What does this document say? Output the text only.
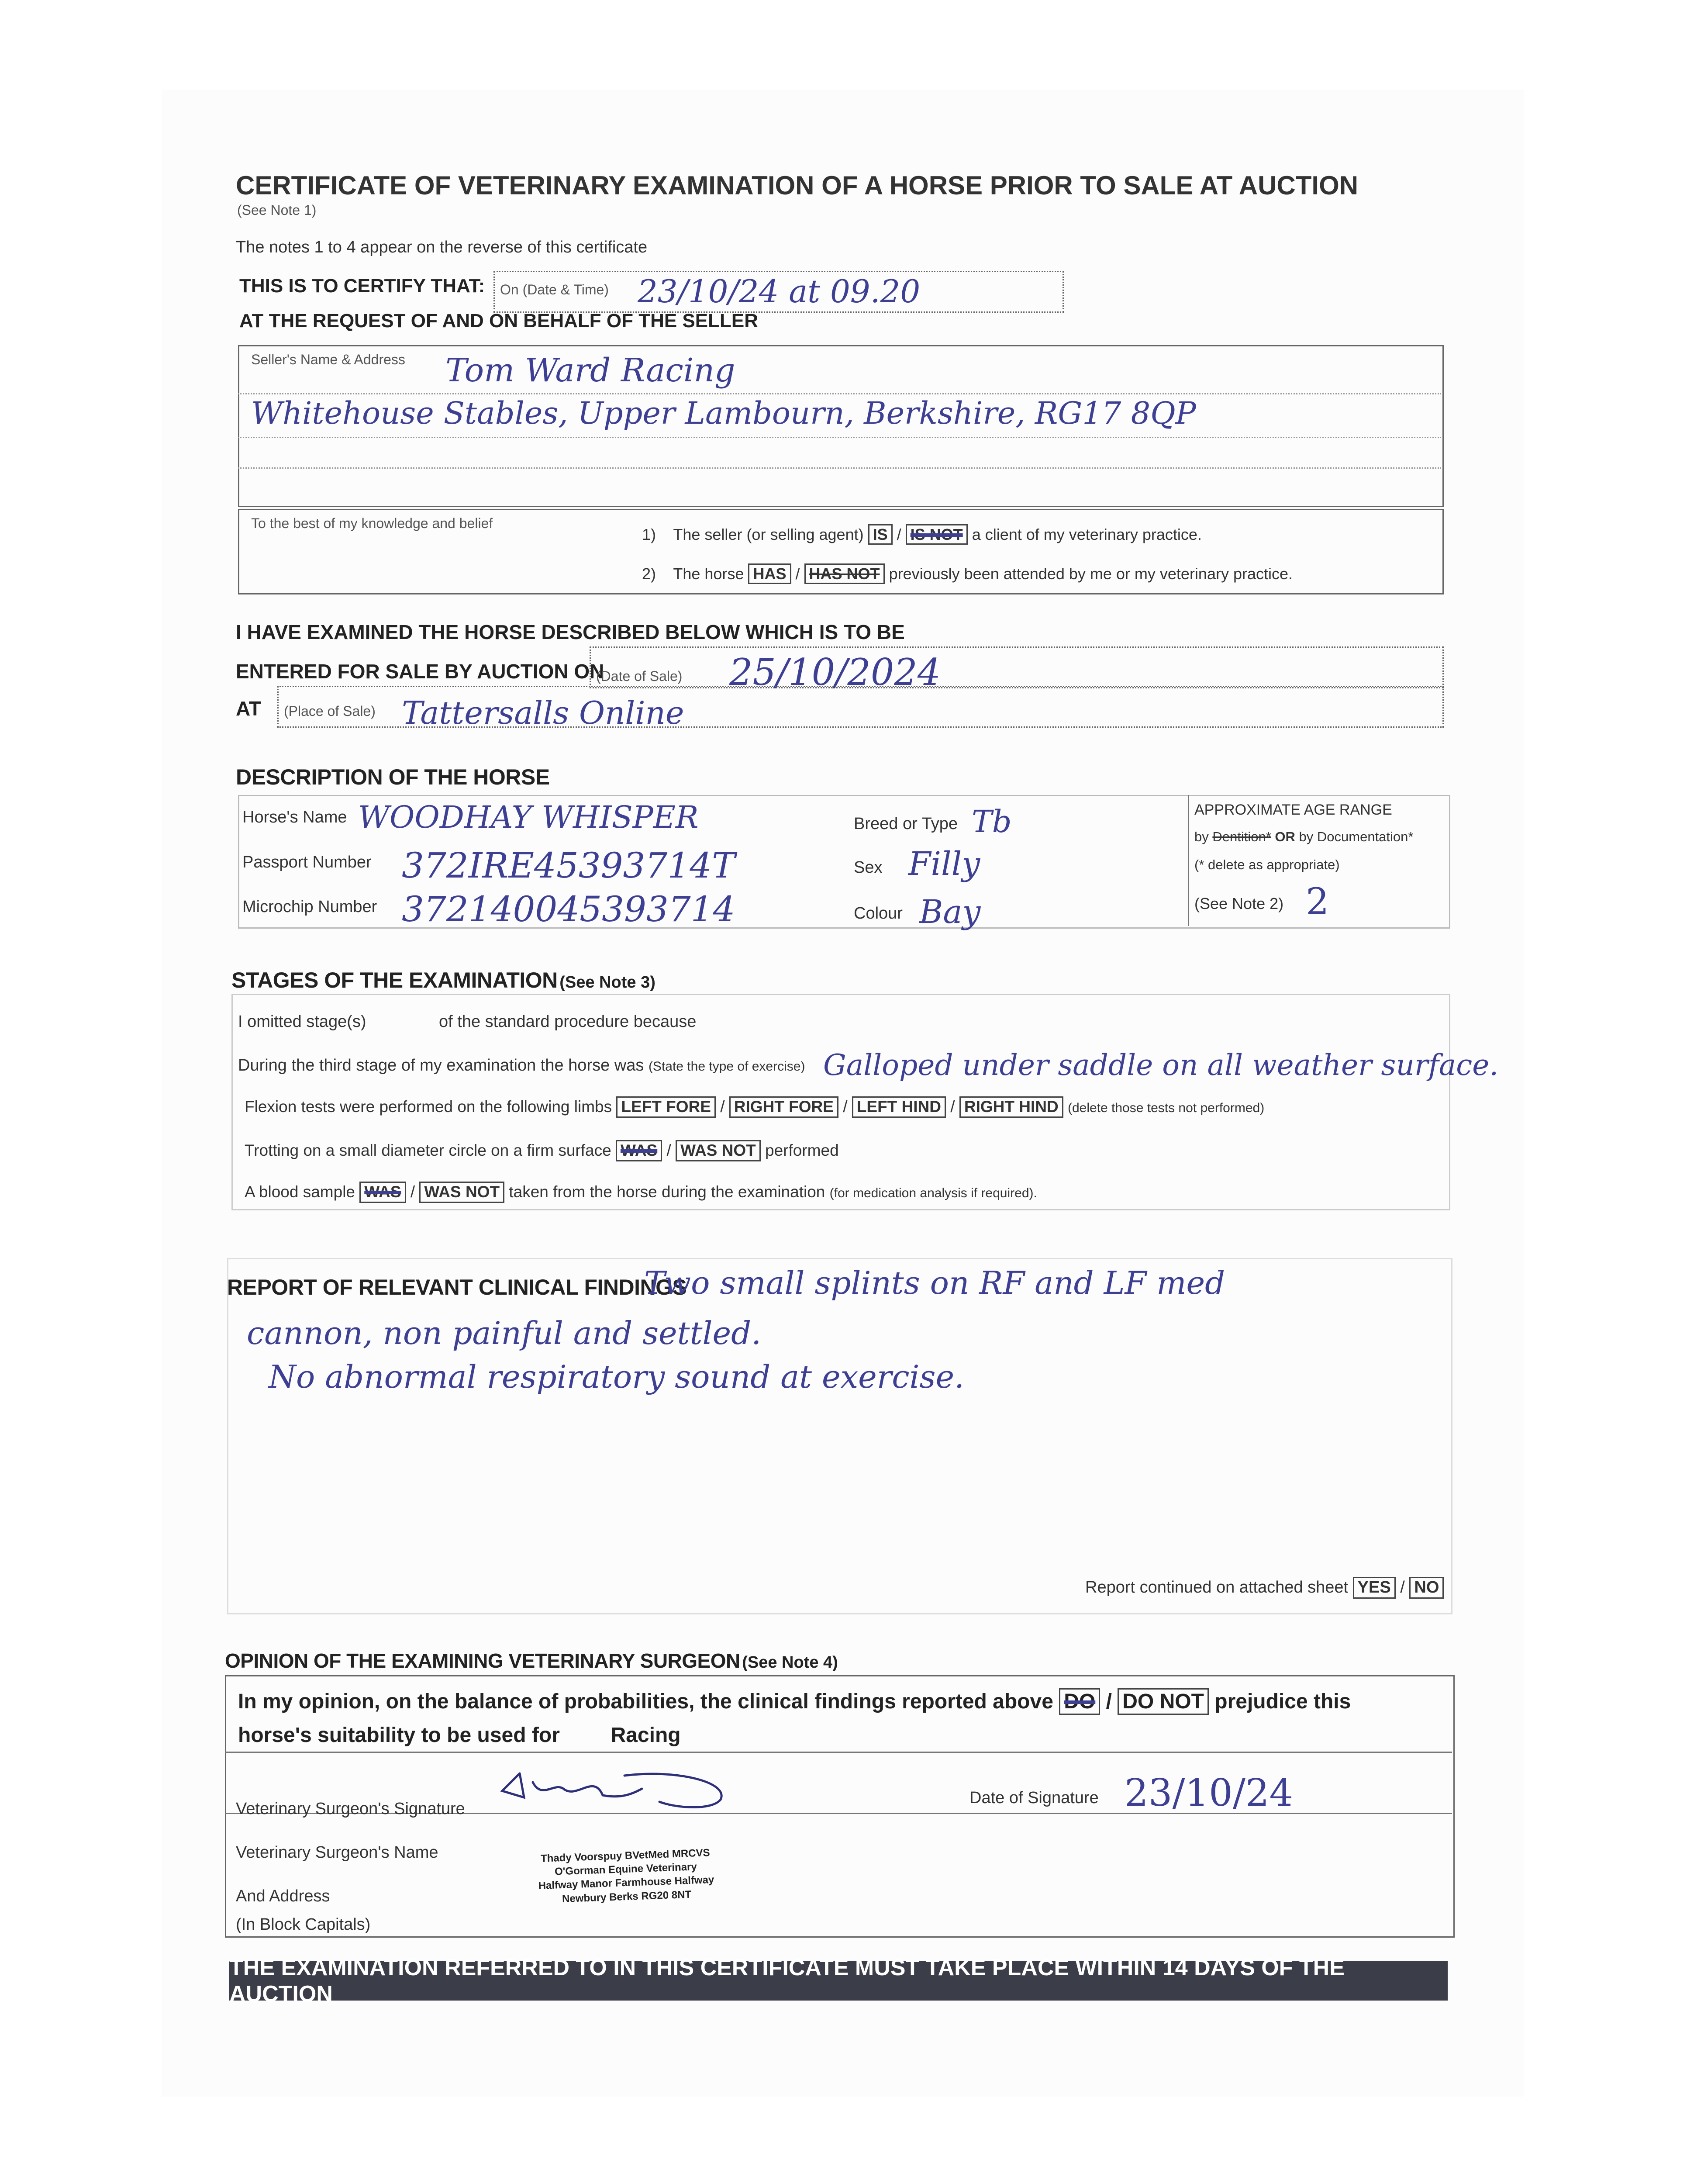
CERTIFICATE OF VETERINARY EXAMINATION OF A HORSE PRIOR TO SALE AT AUCTION
(See Note 1)
The notes 1 to 4 appear on the reverse of this certificate
THIS IS TO CERTIFY THAT: On (Date & Time) 23/10/24 at 09.20
AT THE REQUEST OF AND ON BEHALF OF THE SELLER
Seller's Name & Address Tom Ward Racing
Whitehouse Stables, Upper Lambourn, Berkshire, RG17 8QP
To the best of my knowledge and belief
1) The seller (or selling agent) IS / IS NOT a client of my veterinary practice.
2) The horse HAS / HAS NOT previously been attended by me or my veterinary practice.
I HAVE EXAMINED THE HORSE DESCRIBED BELOW WHICH IS TO BE
ENTERED FOR SALE BY AUCTION ON
(Date of Sale) 25/10/2024
AT (Place of Sale) Tattersalls Online
DESCRIPTION OF THE HORSE
Horse's Name WOODHAY WHISPER
Passport Number 372IRE45393714T
Microchip Number 372140045393714
Breed or Type Tb
Sex Filly
Colour Bay
APPROXIMATE AGE RANGE
by Dentition* OR by Documentation*
(* delete as appropriate)
(See Note 2) 2
STAGES OF THE EXAMINATION (See Note 3)
I omitted stage(s)	of the standard procedure because
During the third stage of my examination the horse was (State the type of exercise) Galloped under saddle on all weather surface.
Flexion tests were performed on the following limbs LEFT FORE / RIGHT FORE / LEFT HIND / RIGHT HIND (delete those tests not performed)
Trotting on a small diameter circle on a firm surface WAS / WAS NOT performed
A blood sample WAS / WAS NOT taken from the horse during the examination (for medication analysis if required).
REPORT OF RELEVANT CLINICAL FINDINGS
Two small splints on RF and LF med
cannon, non painful and settled.
No abnormal respiratory sound at exercise.
Report continued on attached sheet YES / NO
OPINION OF THE EXAMINING VETERINARY SURGEON (See Note 4)
In my opinion, on the balance of probabilities, the clinical findings reported above DO / DO NOT prejudice this
horse's suitability to be used for Racing
Veterinary Surgeon's Signature
Date of Signature 23/10/24
Veterinary Surgeon's Name
And Address
(In Block Capitals)
Thady Voorspuy BVetMed MRCVS
O'Gorman Equine Veterinary
Halfway Manor Farmhouse Halfway
Newbury Berks RG20 8NT
THE EXAMINATION REFERRED TO IN THIS CERTIFICATE MUST TAKE PLACE WITHIN 14 DAYS OF THE AUCTION
